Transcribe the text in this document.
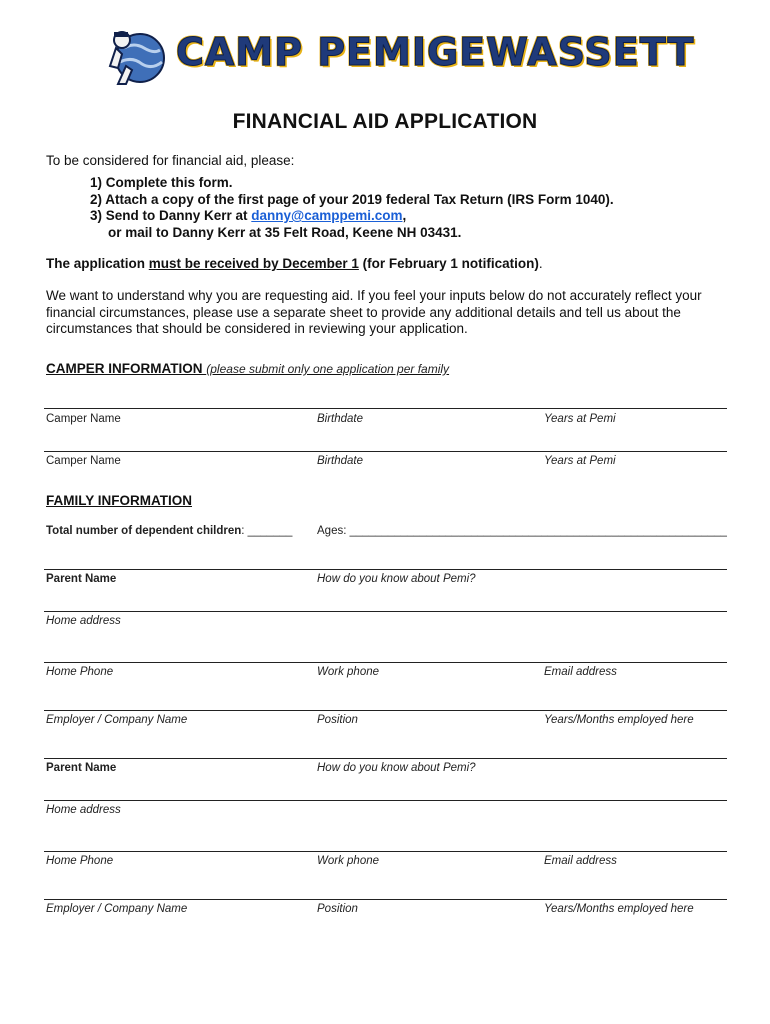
CAMP PEMIGEWASSETT
FINANCIAL AID APPLICATION
To be considered for financial aid, please:
1) Complete this form.
2) Attach a copy of the first page of your 2019 federal Tax Return (IRS Form 1040).
3) Send to Danny Kerr at danny@camppemi.com,
or mail to Danny Kerr at 35 Felt Road, Keene NH 03431.
The application must be received by December 1 (for February 1 notification).
We want to understand why you are requesting aid. If you feel your inputs below do not accurately reflect your financial circumstances, please use a separate sheet to provide any additional details and tell us about the circumstances that should be considered in reviewing your application.
CAMPER INFORMATION (please submit only one application per family
Camper Name	Birthdate	Years at Pemi
Camper Name	Birthdate	Years at Pemi
FAMILY INFORMATION
Total number of dependent children: _______ Ages: ___________________________________________________________
Parent Name	How do you know about Pemi?
Home address
Home Phone	Work phone	Email address
Employer / Company Name	Position	Years/Months employed here
Parent Name	How do you know about Pemi?
Home address
Home Phone	Work phone	Email address
Employer / Company Name	Position	Years/Months employed here
